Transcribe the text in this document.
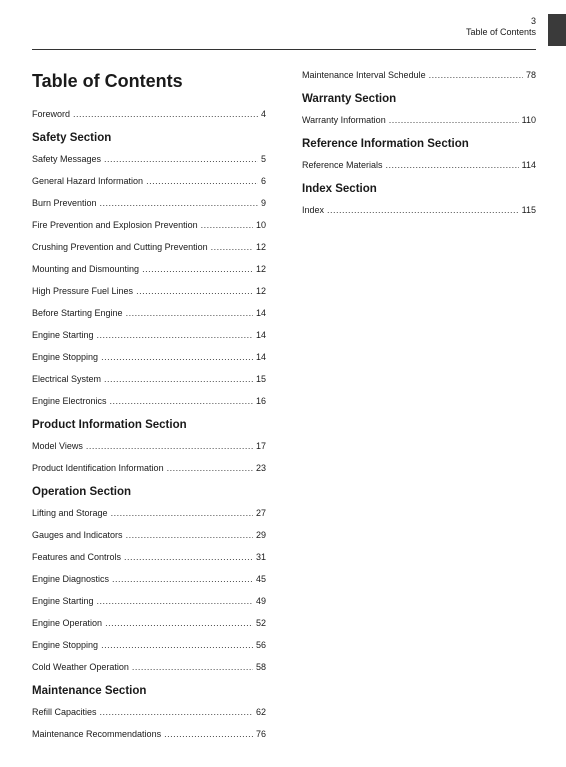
3
Table of Contents
Table of Contents
Foreword .....	4
Safety Section
Safety Messages .....	5
General Hazard Information .....	6
Burn Prevention .....	9
Fire Prevention and Explosion Prevention .....	10
Crushing Prevention and Cutting Prevention .....	12
Mounting and Dismounting .....	12
High Pressure Fuel Lines .....	12
Before Starting Engine .....	14
Engine Starting .....	14
Engine Stopping .....	14
Electrical System .....	15
Engine Electronics .....	16
Product Information Section
Model Views .....	17
Product Identification Information .....	23
Operation Section
Lifting and Storage .....	27
Gauges and Indicators .....	29
Features and Controls .....	31
Engine Diagnostics .....	45
Engine Starting .....	49
Engine Operation .....	52
Engine Stopping .....	56
Cold Weather Operation .....	58
Maintenance Section
Refill Capacities .....	62
Maintenance Recommendations .....	76
Maintenance Interval Schedule .....	78
Warranty Section
Warranty Information .....	110
Reference Information Section
Reference Materials .....	114
Index Section
Index .....	115
